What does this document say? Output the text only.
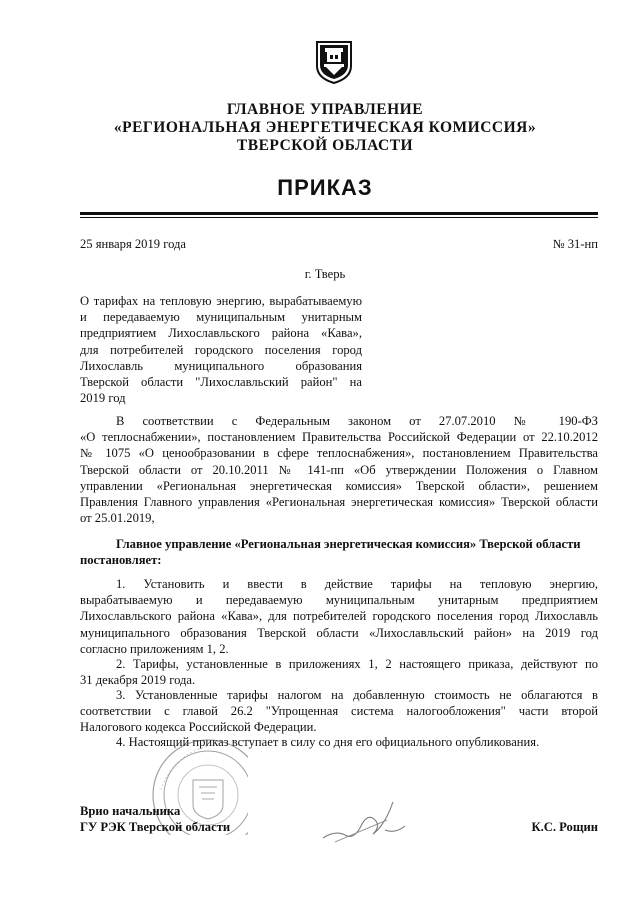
ГЛАВНОЕ УПРАВЛЕНИЕ
«РЕГИОНАЛЬНАЯ ЭНЕРГЕТИЧЕСКАЯ КОМИССИЯ»
ТВЕРСКОЙ ОБЛАСТИ
ПРИКАЗ
25 января 2019 года	№ 31-нп
г. Тверь
О тарифах на тепловую энергию, вырабатываемую
и передаваемую муниципальным унитарным
предприятием Лихославльского района «Кава»,
для потребителей городского поселения город
Лихославль муниципального образования
Тверской области "Лихославльский район" на
2019 год
В соответствии с Федеральным законом от 27.07.2010 № 190-ФЗ
«О теплоснабжении», постановлением Правительства Российской Федерации от 22.10.2012
№ 1075 «О ценообразовании в сфере теплоснабжения», постановлением Правительства
Тверской области от 20.10.2011 № 141-пп «Об утверждении Положения о Главном
управлении «Региональная энергетическая комиссия» Тверской области», решением
Правления Главного управления «Региональная энергетическая комиссия» Тверской области
от 25.01.2019,
Главное управление «Региональная энергетическая комиссия» Тверской области
постановляет:
1. Установить и ввести в действие тарифы на тепловую энергию,
вырабатываемую и передаваемую муниципальным унитарным предприятием
Лихославльского района «Кава», для потребителей городского поселения город Лихославль
муниципального образования Тверской области «Лихославльский район» на 2019 год
согласно приложениям 1, 2.
2. Тарифы, установленные в приложениях 1, 2 настоящего приказа, действуют по
31 декабря 2019 года.
3. Установленные тарифы налогом на добавленную стоимость не облагаются в
соответствии с главой 26.2 "Упрощенная система налогообложения" части второй
Налогового кодекса Российской Федерации.
4. Настоящий приказ вступает в силу со дня его официального опубликования.
Врио начальника
ГУ РЭК Тверской области	К.С. Рощин
